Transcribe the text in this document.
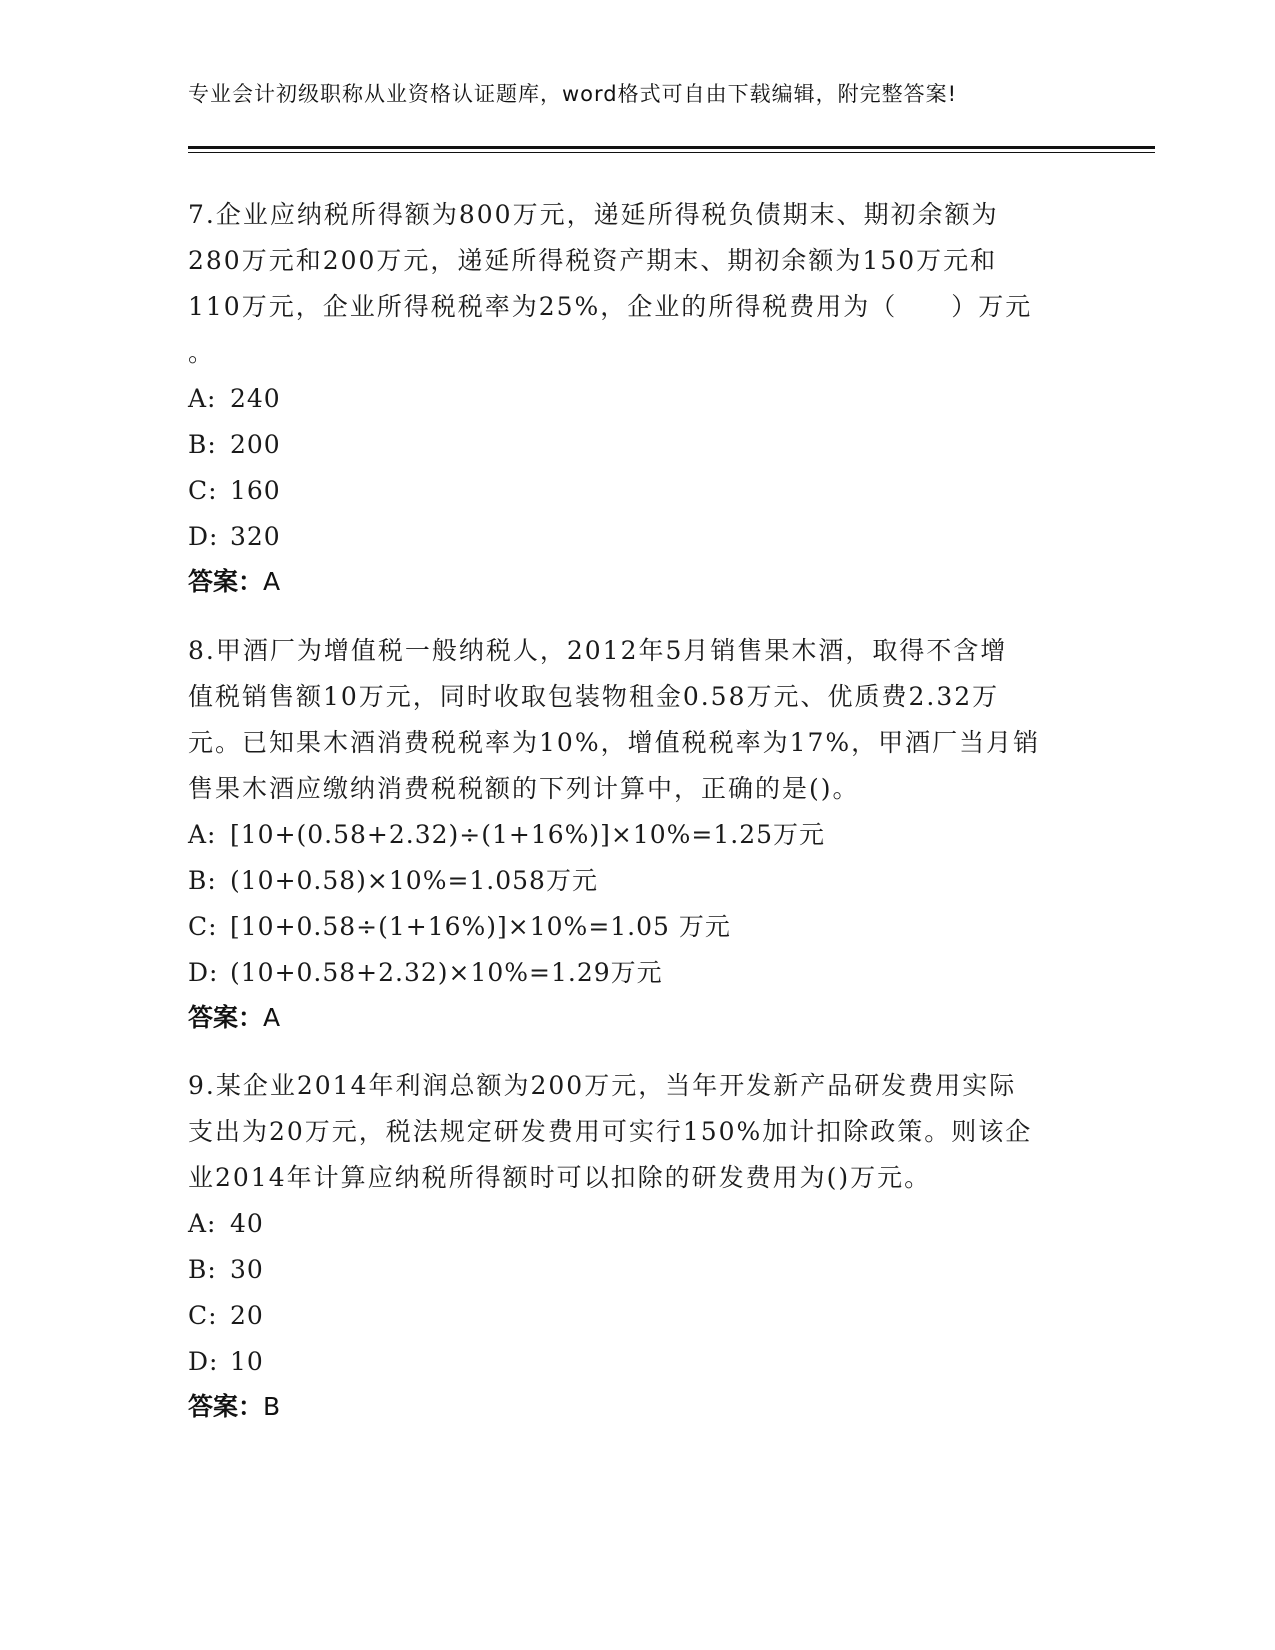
专业会计初级职称从业资格认证题库，word格式可自由下载编辑，附完整答案!

7.企业应纳税所得额为800万元，递延所得税负债期末、期初余额为
280万元和200万元，递延所得税资产期末、期初余额为150万元和
110万元，企业所得税税率为25%，企业的所得税费用为（　　）万元
。

A: 240
B: 200
C: 160
D: 320
答案：A

8.甲酒厂为增值税一般纳税人，2012年5月销售果木酒，取得不含增
值税销售额10万元，同时收取包装物租金0.58万元、优质费2.32万
元。已知果木酒消费税税率为10%，增值税税率为17%，甲酒厂当月销
售果木酒应缴纳消费税税额的下列计算中，正确的是()。

A: [10+(0.58+2.32)÷(1+16%)]×10%=1.25万元
B: (10+0.58)×10%=1.058万元
C: [10+0.58÷(1+16%)]×10%=1.05 万元
D: (10+0.58+2.32)×10%=1.29万元
答案：A

9.某企业2014年利润总额为200万元，当年开发新产品研发费用实际
支出为20万元，税法规定研发费用可实行150%加计扣除政策。则该企
业2014年计算应纳税所得额时可以扣除的研发费用为()万元。

A: 40
B: 30
C: 20
D: 10
答案：B
